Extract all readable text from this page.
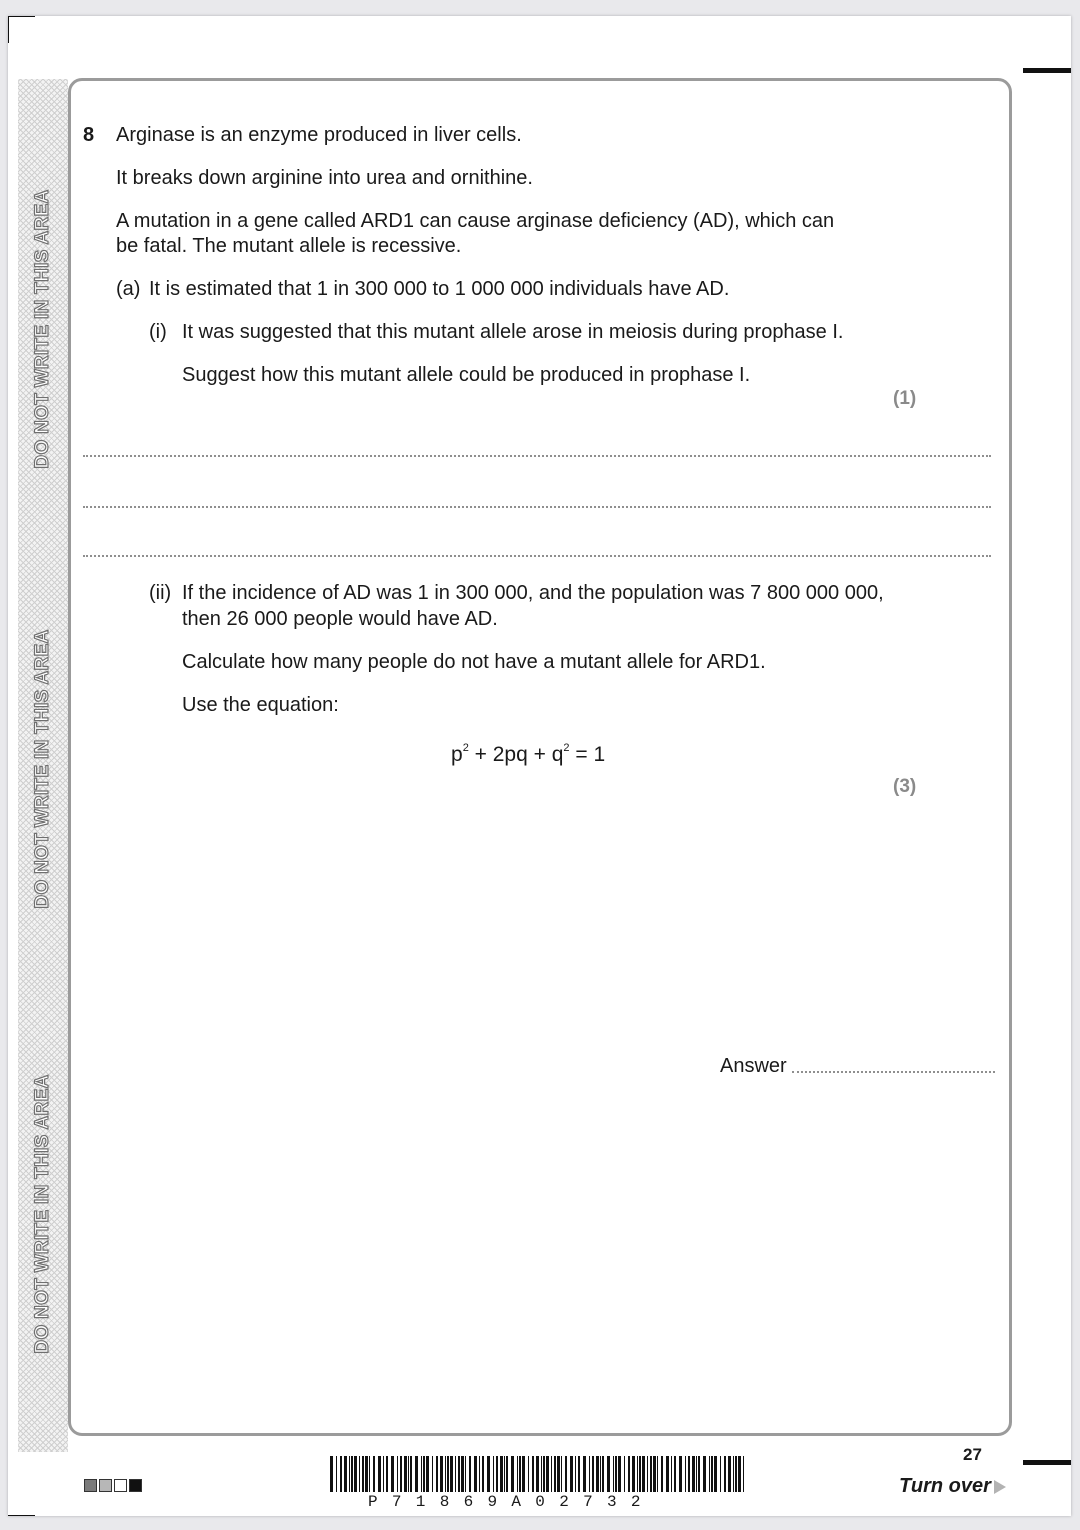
DO NOT WRITE IN THIS AREA
DO NOT WRITE IN THIS AREA
DO NOT WRITE IN THIS AREA
8 Arginase is an enzyme produced in liver cells.
It breaks down arginine into urea and ornithine.
A mutation in a gene called ARD1 can cause arginase deficiency (AD), which can
be fatal. The mutant allele is recessive.
(a) It is estimated that 1 in 300 000 to 1 000 000 individuals have AD.
(i) It was suggested that this mutant allele arose in meiosis during prophase I.
Suggest how this mutant allele could be produced in prophase I.
(1)
(ii) If the incidence of AD was 1 in 300 000, and the population was 7 800 000 000,
then 26 000 people would have AD.
Calculate how many people do not have a mutant allele for ARD1.
Use the equation:
$p^2 + 2pq + q^2 = 1$
(3)
Answer
27
Turn over
P71869A02732
